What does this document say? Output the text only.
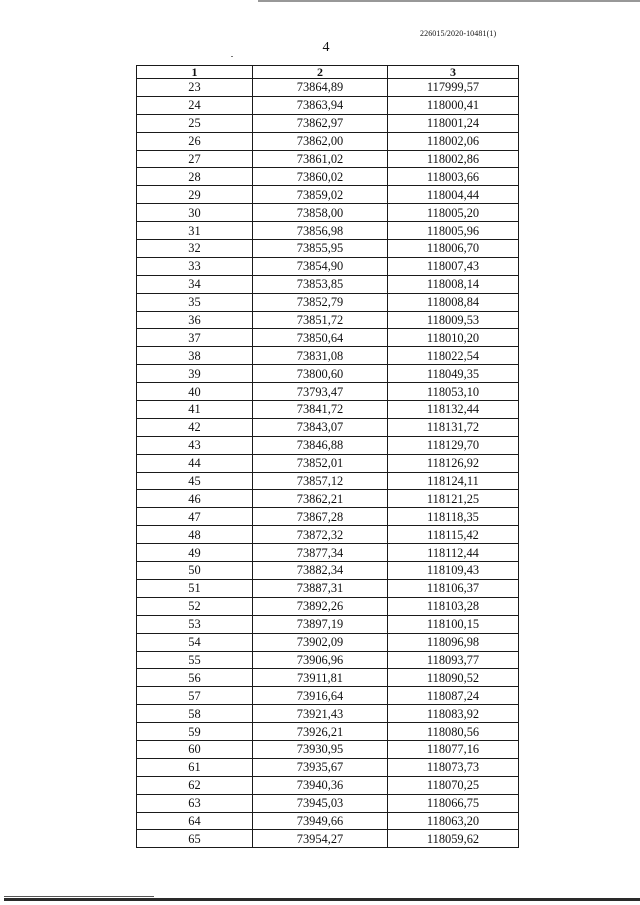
226015/2020-10481(1)
4
1	2	3
23	73864,89	117999,57
24	73863,94	118000,41
25	73862,97	118001,24
26	73862,00	118002,06
27	73861,02	118002,86
28	73860,02	118003,66
29	73859,02	118004,44
30	73858,00	118005,20
31	73856,98	118005,96
32	73855,95	118006,70
33	73854,90	118007,43
34	73853,85	118008,14
35	73852,79	118008,84
36	73851,72	118009,53
37	73850,64	118010,20
38	73831,08	118022,54
39	73800,60	118049,35
40	73793,47	118053,10
41	73841,72	118132,44
42	73843,07	118131,72
43	73846,88	118129,70
44	73852,01	118126,92
45	73857,12	118124,11
46	73862,21	118121,25
47	73867,28	118118,35
48	73872,32	118115,42
49	73877,34	118112,44
50	73882,34	118109,43
51	73887,31	118106,37
52	73892,26	118103,28
53	73897,19	118100,15
54	73902,09	118096,98
55	73906,96	118093,77
56	73911,81	118090,52
57	73916,64	118087,24
58	73921,43	118083,92
59	73926,21	118080,56
60	73930,95	118077,16
61	73935,67	118073,73
62	73940,36	118070,25
63	73945,03	118066,75
64	73949,66	118063,20
65	73954,27	118059,62
